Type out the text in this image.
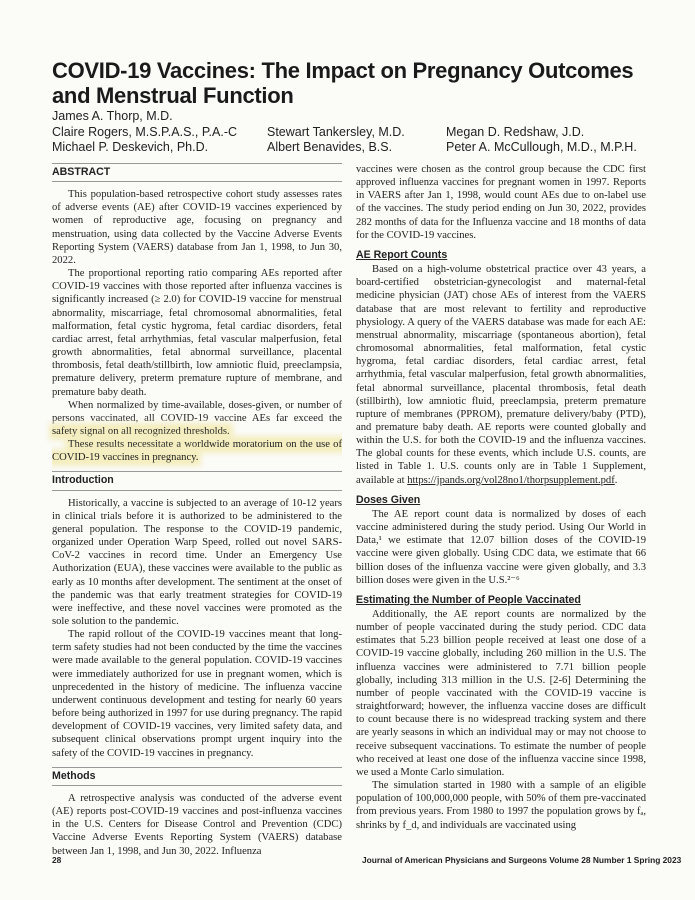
COVID-19 Vaccines: The Impact on Pregnancy Outcomes and Menstrual Function
James A. Thorp, M.D.
Claire Rogers, M.S.P.A.S., P.A.-C	Stewart Tankersley, M.D.	Megan D. Redshaw, J.D.
Michael P. Deskevich, Ph.D.	Albert Benavides, B.S.	Peter A. McCullough, M.D., M.P.H.
ABSTRACT

This population-based retrospective cohort study assesses rates of adverse events (AE) after COVID-19 vaccines experienced by women of reproductive age, focusing on pregnancy and menstruation, using data collected by the Vaccine Adverse Events Reporting System (VAERS) database from Jan 1, 1998, to Jun 30, 2022.

The proportional reporting ratio comparing AEs reported after COVID-19 vaccines with those reported after influenza vaccines is significantly increased (≥ 2.0) for COVID-19 vaccine for menstrual abnormality, miscarriage, fetal chromosomal abnormalities, fetal malformation, fetal cystic hygroma, fetal cardiac disorders, fetal cardiac arrest, fetal arrhythmias, fetal vascular malperfusion, fetal growth abnormalities, fetal abnormal surveillance, placental thrombosis, fetal death/stillbirth, low amniotic fluid, preeclampsia, premature delivery, preterm premature rupture of membrane, and premature baby death.

When normalized by time-available, doses-given, or number of persons vaccinated, all COVID-19 vaccine AEs far exceed the safety signal on all recognized thresholds.

These results necessitate a worldwide moratorium on the use of COVID-19 vaccines in pregnancy.

Introduction

Historically, a vaccine is subjected to an average of 10-12 years in clinical trials before it is authorized to be administered to the general population. The response to the COVID-19 pandemic, organized under Operation Warp Speed, rolled out novel SARS-CoV-2 vaccines in record time. Under an Emergency Use Authorization (EUA), these vaccines were available to the public as early as 10 months after development. The sentiment at the onset of the pandemic was that early treatment strategies for COVID-19 were ineffective, and these novel vaccines were promoted as the sole solution to the pandemic.

The rapid rollout of the COVID-19 vaccines meant that long-term safety studies had not been conducted by the time the vaccines were made available to the general population. COVID-19 vaccines were immediately authorized for use in pregnant women, which is unprecedented in the history of medicine. The influenza vaccine underwent continuous development and testing for nearly 60 years before being authorized in 1997 for use during pregnancy. The rapid development of COVID-19 vaccines, very limited safety data, and subsequent clinical observations prompt urgent inquiry into the safety of the COVID-19 vaccines in pregnancy.

Methods

A retrospective analysis was conducted of the adverse event (AE) reports post-COVID-19 vaccines and post-influenza vaccines in the U.S. Centers for Disease Control and Prevention (CDC) Vaccine Adverse Events Reporting System (VAERS) database between Jan 1, 1998, and Jun 30, 2022. Influenza

vaccines were chosen as the control group because the CDC first approved influenza vaccines for pregnant women in 1997. Reports in VAERS after Jan 1, 1998, would count AEs due to on-label use of the vaccines. The study period ending on Jun 30, 2022, provides 282 months of data for the Influenza vaccine and 18 months of data for the COVID-19 vaccines.

AE Report Counts

Based on a high-volume obstetrical practice over 43 years, a board-certified obstetrician-gynecologist and maternal-fetal medicine physician (JAT) chose AEs of interest from the VAERS database that are most relevant to fertility and reproductive physiology. A query of the VAERS database was made for each AE: menstrual abnormality, miscarriage (spontaneous abortion), fetal chromosomal abnormalities, fetal malformation, fetal cystic hygroma, fetal cardiac disorders, fetal cardiac arrest, fetal arrhythmia, fetal vascular malperfusion, fetal growth abnormalities, fetal abnormal surveillance, placental thrombosis, fetal death (stillbirth), low amniotic fluid, preeclampsia, preterm premature rupture of membranes (PPROM), premature delivery/baby (PTD), and premature baby death. AE reports were counted globally and within the U.S. for both the COVID-19 and the influenza vaccines. The global counts for these events, which include U.S. counts, are listed in Table 1. U.S. counts only are in Table 1 Supplement, available at https://jpands.org/vol28no1/thorpsupplement.pdf.

Doses Given

The AE report count data is normalized by doses of each vaccine administered during the study period. Using Our World in Data,¹ we estimate that 12.07 billion doses of the COVID-19 vaccine were given globally. Using CDC data, we estimate that 66 billion doses of the influenza vaccine were given globally, and 3.3 billion doses were given in the U.S.²⁻⁶

Estimating the Number of People Vaccinated

Additionally, the AE report counts are normalized by the number of people vaccinated during the study period. CDC data estimates that 5.23 billion people received at least one dose of a COVID-19 vaccine globally, including 260 million in the U.S. The influenza vaccines were administered to 7.71 billion people globally, including 313 million in the U.S. [2-6] Determining the number of people vaccinated with the COVID-19 vaccine is straightforward; however, the influenza vaccine doses are difficult to count because there is no widespread tracking system and there are yearly seasons in which an individual may or may not choose to receive subsequent vaccinations. To estimate the number of people who received at least one dose of the influenza vaccine since 1998, we used a Monte Carlo simulation.

The simulation started in 1980 with a sample of an eligible population of 100,000,000 people, with 50% of them pre-vaccinated from previous years. From 1980 to 1997 the population grows by fₐ, shrinks by f_d, and individuals are vaccinated using

28	Journal of American Physicians and Surgeons Volume 28 Number 1 Spring 2023
